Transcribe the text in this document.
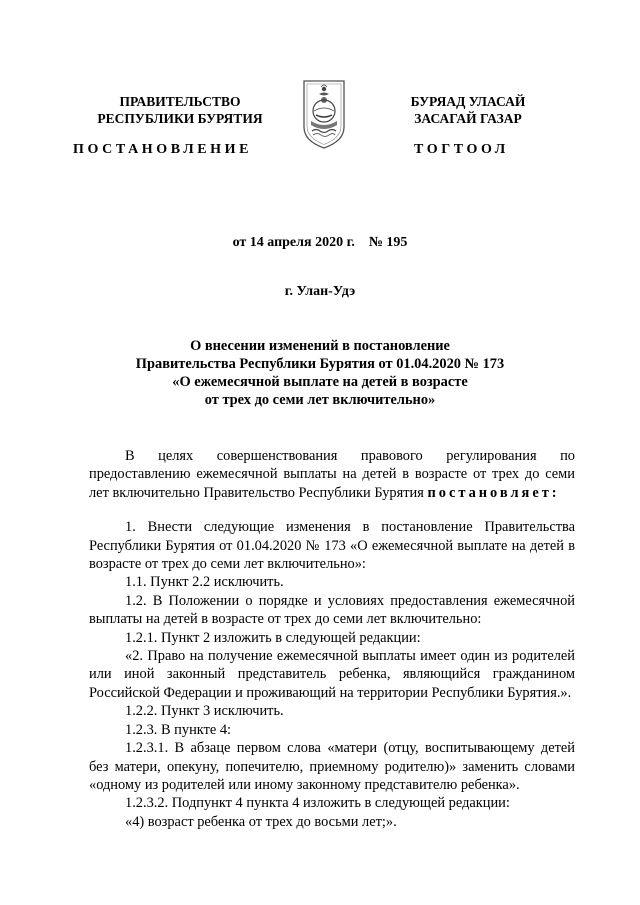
ПРАВИТЕЛЬСТВО
РЕСПУБЛИКИ БУРЯТИЯ
БУРЯАД УЛАСАЙ
ЗАСАГАЙ ГАЗАР
ПОСТАНОВЛЕНИЕ	ТОГТООЛ
от 14 апреля 2020 г.    № 195
г. Улан-Удэ
О внесении изменений в постановление
Правительства Республики Бурятия от 01.04.2020 № 173
«О ежемесячной выплате на детей в возрасте
от трех до семи лет включительно»

В целях совершенствования правового регулирования по предоставлению ежемесячной выплаты на детей в возрасте от трех до семи лет включительно Правительство Республики Бурятия постановляет:

1. Внести следующие изменения в постановление Правительства Республики Бурятия от 01.04.2020 № 173 «О ежемесячной выплате на детей в возрасте от трех до семи лет включительно»:

1.1. Пункт 2.2 исключить.

1.2. В Положении о порядке и условиях предоставления ежемесячной выплаты на детей в возрасте от трех до семи лет включительно:

1.2.1. Пункт 2 изложить в следующей редакции:

«2. Право на получение ежемесячной выплаты имеет один из родителей или иной законный представитель ребенка, являющийся гражданином Российской Федерации и проживающий на территории Республики Бурятия.».

1.2.2. Пункт 3 исключить.

1.2.3. В пункте 4:

1.2.3.1. В абзаце первом слова «матери (отцу, воспитывающему детей без матери, опекуну, попечителю, приемному родителю)» заменить словами «одному из родителей или иному законному представителю ребенка».

1.2.3.2. Подпункт 4 пункта 4 изложить в следующей редакции:

«4) возраст ребенка от трех до восьми лет;».
